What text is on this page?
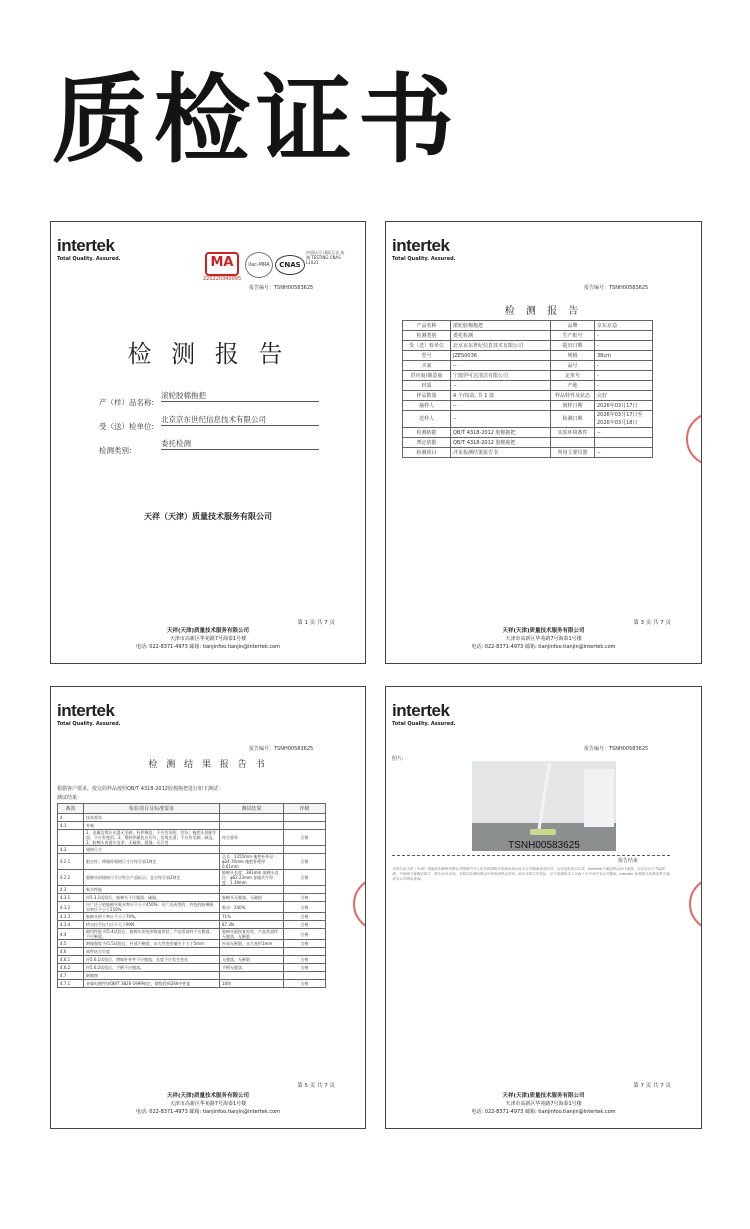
质检证书
intertek
Total Quality. Assured.	MA
220220340095
ilac-MRA	CNAS
中国认可 国际互认 检测 TESTING CNAS L1021
报告编号：TSNH00583625
检 测 报 告
产（样）品名称:
滚轮胶棉拖把
受（送）检单位:
北京京东世纪信息技术有限公司
检测类别:
委托检测
天祥（天津）质量技术服务有限公司
第 1 页 共 7 页
天祥(天津)质量技术服务有限公司
天津市高新区华苑路7号海泰1号楼
电话: 022-8371-4973 邮箱: tianjinfoo.tianjin@intertek.com
intertek
Total Quality. Assured.
报告编号：TSNH00583625
检 测 报 告
产品名称	滚轮胶棉拖把	品牌	京东京造
检测类别	委托检测	生产批号	-
受（送）检单位	北京京东世纪信息技术有限公司	提出日期	-
型号	JZES0036	规格	38cm
买家	--	品号	-
供应商/制造商	宁波伊可达清洁有限公司	定单号	-
材质	--	产地	-
样品数量	4 个/每款, 共 1 款	样品特性及状态	完好
抽样人	--	到样日期	2026年03月17日
送样人	--	检测日期	2026年03月17日至 2026年03月18日
检测依据	QB/T 4318-2012 胶棉拖把	实验环境条件	--
判定依据	QB/T 4318-2012 胶棉拖把		
检测项目	详见检测结果报告书	所用主要仪器	--
第 3 页 共 7 页
天祥(天津)质量技术服务有限公司
天津市高新区华苑路7号海泰1号楼
电话: 022-8371-4973 邮箱: tianjinfoo.tianjin@intertek.com
intertek
Total Quality. Assured.
报告编号：TSNH00583625
检 测 结 果 报 告 书
根据客户要求，按交的样品按照QB/T 4318-2012胶棉拖把进行如下测试：
测试结果：
条款	检验项目及标准要求	测试结果	评级
4	技术要求		
4.1	外观		
	1、金属边缘应光滑无毛刺，杆件顺直，不应有划伤、凹坑；拖把头装配牢固，不应有变形。2、塑料件颜色应均匀，边缘光滑，不应有毛刺、缺边。3、胶棉头表面应洁净，无破损、裂缝、无污迹	符合要求	合格
4.2	规格尺寸		
4.2.1	限定杆、伸缩杆规格尺寸应符合表1规定	总长：1355mm 拖把杆外径：φ24.70mm 拖把杆壁厚：0.61mm	合格
4.2.2	胶棉头的规格尺寸应符合产品标示，且应符合表2规定	胶棉头长度：381mm 胶棉头直径：φ62.23mm 金属夹片厚度：1.19mm	合格
4.3	吸水性能		
4.3.1	经5.3.1试验后，胶棉头不应脱落、破损。	胶棉头无脱落、无破损	合格
4.3.2	应广泛于的胶棉头吸水率应不小于450%；应广泛成型的，有色的胶棉吸水率应不小于150%	吸水：240%	合格
4.3.3	胶棉头挤干率应不小于70%。	71%	合格
4.3.4	挤水拉手拉力应不大于90N	87.3N	合格
4.4	耐用性能 经5.4试验后，胶棉头的变形恢复形状，产品零部件不应脱落，不应断裂。	胶棉头能恢复原状，产品零部件无脱落、无断裂	合格
4.5	耐撞强度 经5.5试验后，杆部不断裂，永久性变形量应不大于5mm	杆部无断裂，永久变形1mm	合格
4.6	部件结合牢度		
4.6.1	经5.6.1试验后，增缩杆杆件不应脱落，长度不应发生变化	无脱落，无断裂	合格
4.6.2	经5.6.2试验后，手柄不应脱落。	手柄无脱落	合格
4.7	耐腐蚀		
4.7.1	金属电镀件按QB/T 3826-1999规定，缓级得到24h中性盐	10级	合格
第 5 页 共 7 页
天祥(天津)质量技术服务有限公司
天津市高新区华苑路7号海泰1号楼
电话: 022-8371-4973 邮箱: tianjinfoo.tianjin@intertek.com
intertek
Total Quality. Assured.
报告编号：TSNH00583625
照片:
TSNH00583625
报告结束
本报告由天祥（天津）质量技术服务有限公司按照中华人民共和国相关法律法规以及本公司服务条款出具。仅对送检样品负责，Intertek不保证样品的代表性。未经本公司书面批准，不得部分复制本报告，报告涂改无效。本报告检测结果仅对该批次样品有效。如对本报告有异议，应于收到报告之日起十五日内向本公司提出。Intertek 检测报告的真实性可通过本公司网站查询。
第 7 页 共 7 页
天祥(天津)质量技术服务有限公司
天津市高新区华苑路7号海泰1号楼
电话: 022-8371-4973 邮箱: tianjinfoo.tianjin@intertek.com
